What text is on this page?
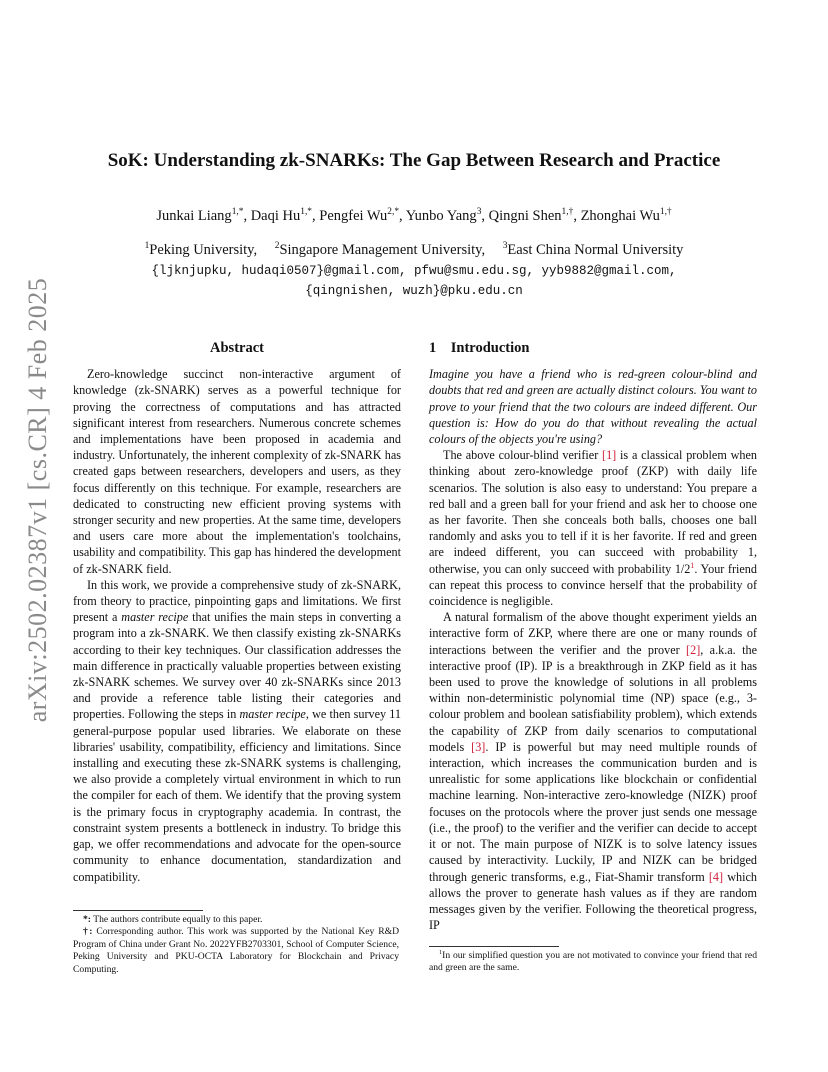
arXiv:2502.02387v1 [cs.CR] 4 Feb 2025
SoK: Understanding zk-SNARKs: The Gap Between Research and Practice
Junkai Liang$^{1,*}$, Daqi $Hu^{1,*}$, Pengfei $Wu^{2,*}$, Yunbo Yang$^3$, Qingni Shen$^{1,\dagger}$, Zhonghai $Wu^{1,\dagger}$
$^1$Peking University, $^2$Singapore Management University, $^3$East China Normal University
{ljknjupku, hudaqi0507}@gmail.com, pfwu@smu.edu.sg, yyb9882@gmail.com,
{qingnishen, wuzh}@pku.edu.cn
Abstract

Zero-knowledge succinct non-interactive argument of knowledge (zk-SNARK) serves as a powerful technique for proving the correctness of computations and has attracted significant interest from researchers. Numerous concrete schemes and implementations have been proposed in academia and industry. Unfortunately, the inherent complexity of zk-SNARK has created gaps between researchers, developers and users, as they focus differently on this technique. For example, researchers are dedicated to constructing new efficient proving systems with stronger security and new properties. At the same time, developers and users care more about the implementation's toolchains, usability and compatibility. This gap has hindered the development of zk-SNARK field.

In this work, we provide a comprehensive study of zk-SNARK, from theory to practice, pinpointing gaps and limitations. We first present a master recipe that unifies the main steps in converting a program into a zk-SNARK. We then classify existing zk-SNARKs according to their key techniques. Our classification addresses the main difference in practically valuable properties between existing zk-SNARK schemes. We survey over 40 zk-SNARKs since 2013 and provide a reference table listing their categories and properties. Following the steps in master recipe, we then survey 11 general-purpose popular used libraries. We elaborate on these libraries' usability, compatibility, efficiency and limitations. Since installing and executing these zk-SNARK systems is challenging, we also provide a completely virtual environment in which to run the compiler for each of them. We identify that the proving system is the primary focus in cryptography academia. In contrast, the constraint system presents a bottleneck in industry. To bridge this gap, we offer recommendations and advocate for the open-source community to enhance documentation, standardization and compatibility.

*: The authors contribute equally to this paper.

†: Corresponding author. This work was supported by the National Key R&D Program of China under Grant No. 2022YFB2703301, School of Computer Science, Peking University and PKU-OCTA Laboratory for Blockchain and Privacy Computing.

1 Introduction

Imagine you have a friend who is red-green colour-blind and doubts that red and green are actually distinct colours. You want to prove to your friend that the two colours are indeed different. Our question is: How do you do that without revealing the actual colours of the objects you're using?

The above colour-blind verifier [1] is a classical problem when thinking about zero-knowledge proof (ZKP) with daily life scenarios. The solution is also easy to understand: You prepare a red ball and a green ball for your friend and ask her to choose one as her favorite. Then she conceals both balls, chooses one ball randomly and asks you to tell if it is her favorite. If red and green are indeed different, you can succeed with probability 1, otherwise, you can only succeed with probability 1/2$^1$. Your friend can repeat this process to convince herself that the probability of coincidence is negligible.

A natural formalism of the above thought experiment yields an interactive form of ZKP, where there are one or many rounds of interactions between the verifier and the prover [2], a.k.a. the interactive proof (IP). IP is a breakthrough in ZKP field as it has been used to prove the knowledge of solutions in all problems within non-deterministic polynomial time (NP) space (e.g., 3-colour problem and boolean satisfiability problem), which extends the capability of ZKP from daily scenarios to computational models [3]. IP is powerful but may need multiple rounds of interaction, which increases the communication burden and is unrealistic for some applications like blockchain or confidential machine learning. Non-interactive zero-knowledge (NIZK) proof focuses on the protocols where the prover just sends one message (i.e., the proof) to the verifier and the verifier can decide to accept it or not. The main purpose of NIZK is to solve latency issues caused by interactivity. Luckily, IP and NIZK can be bridged through generic transforms, e.g., Fiat-Shamir transform [4] which allows the prover to generate hash values as if they are random messages given by the verifier. Following the theoretical progress, IP

$^1$In our simplified question you are not motivated to convince your friend that red and green are the same.
